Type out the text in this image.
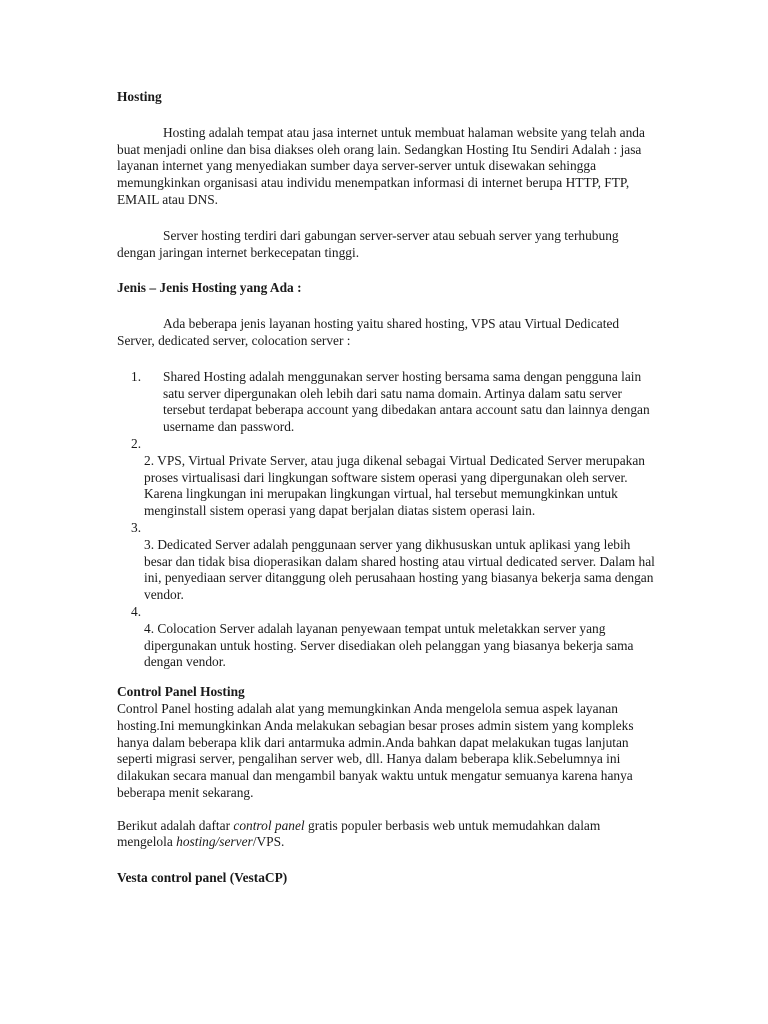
Hosting

Hosting adalah tempat atau jasa internet untuk membuat halaman website yang telah anda buat menjadi online dan bisa diakses oleh orang lain. Sedangkan Hosting Itu Sendiri Adalah : jasa layanan internet yang menyediakan sumber daya server-server untuk disewakan sehingga memungkinkan organisasi atau individu menempatkan informasi di internet berupa HTTP, FTP, EMAIL atau DNS.

Server hosting terdiri dari gabungan server-server atau sebuah server yang terhubung dengan jaringan internet berkecepatan tinggi.

Jenis – Jenis Hosting yang Ada :

Ada beberapa jenis layanan hosting yaitu shared hosting, VPS atau Virtual Dedicated Server, dedicated server, colocation server :

1.	Shared Hosting adalah menggunakan server hosting bersama sama dengan pengguna lain satu server dipergunakan oleh lebih dari satu nama domain. Artinya dalam satu server tersebut terdapat beberapa account yang dibedakan antara account satu dan lainnya dengan username dan password.
2.
2. VPS, Virtual Private Server, atau juga dikenal sebagai Virtual Dedicated Server merupakan proses virtualisasi dari lingkungan software sistem operasi yang dipergunakan oleh server. Karena lingkungan ini merupakan lingkungan virtual, hal tersebut memungkinkan untuk menginstall sistem operasi yang dapat berjalan diatas sistem operasi lain.
3.
3. Dedicated Server adalah penggunaan server yang dikhususkan untuk aplikasi yang lebih besar dan tidak bisa dioperasikan dalam shared hosting atau virtual dedicated server. Dalam hal ini, penyediaan server ditanggung oleh perusahaan hosting yang biasanya bekerja sama dengan vendor.
4.
4. Colocation Server adalah layanan penyewaan tempat untuk meletakkan server yang dipergunakan untuk hosting. Server disediakan oleh pelanggan yang biasanya bekerja sama dengan vendor.

Control Panel Hosting

Control Panel hosting adalah alat yang memungkinkan Anda mengelola semua aspek layanan hosting.Ini memungkinkan Anda melakukan sebagian besar proses admin sistem yang kompleks hanya dalam beberapa klik dari antarmuka admin.Anda bahkan dapat melakukan tugas lanjutan seperti migrasi server, pengalihan server web, dll. Hanya dalam beberapa klik.Sebelumnya ini dilakukan secara manual dan mengambil banyak waktu untuk mengatur semuanya karena hanya beberapa menit sekarang.

Berikut adalah daftar control panel gratis populer berbasis web untuk memudahkan dalam mengelola hosting/server/VPS.

Vesta control panel (VestaCP)
